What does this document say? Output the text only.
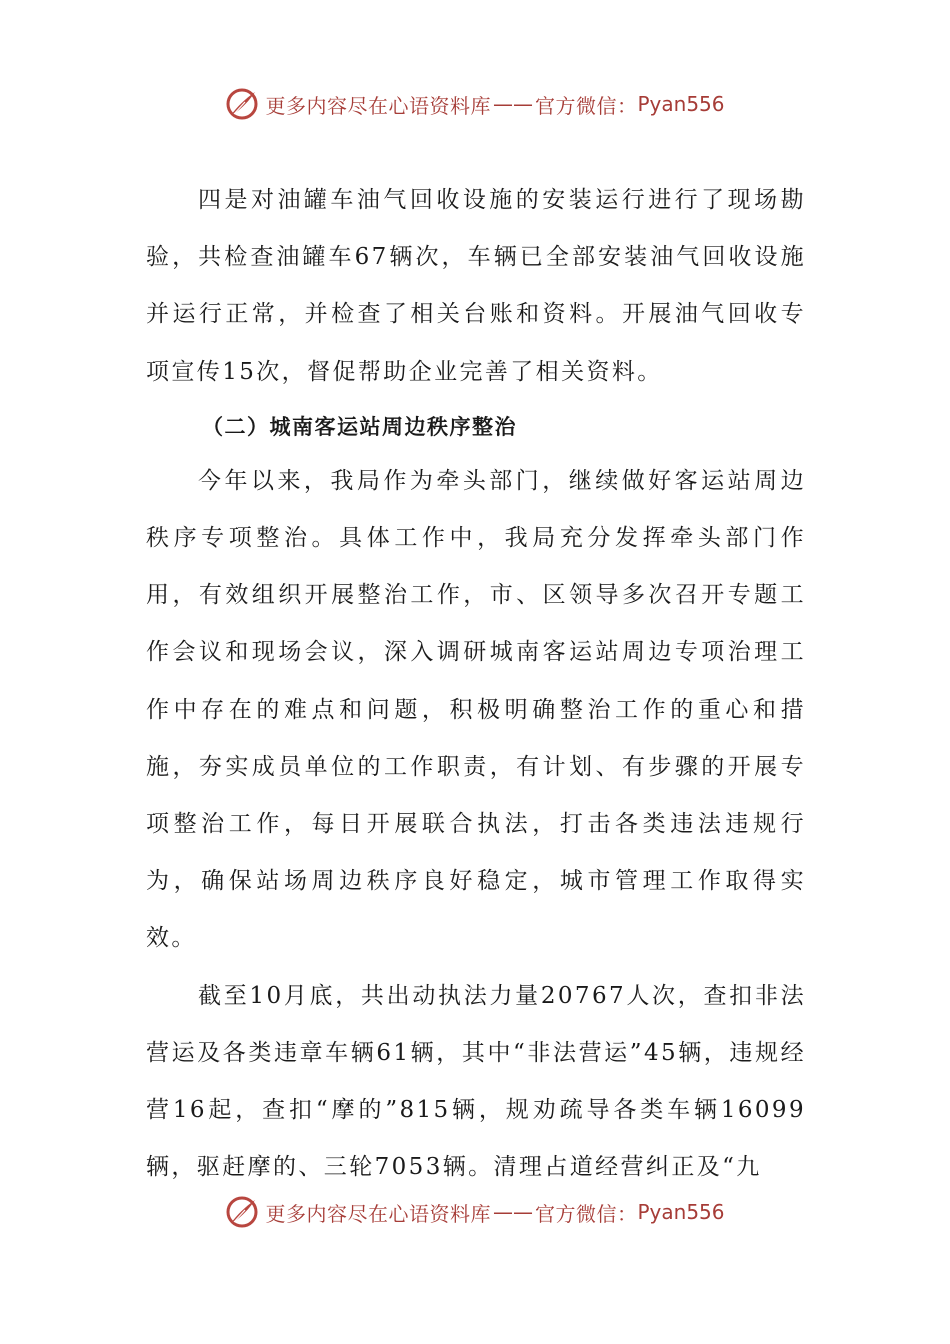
更多内容尽在心语资料库 —— 官方微信： Pyan556

四是对油罐车油气回收设施的安装运行进行了现场勘验，共检查油罐车67辆次，车辆已全部安装油气回收设施并运行正常，并检查了相关台账和资料。开展油气回收专项宣传15次，督促帮助企业完善了相关资料。

（二）城南客运站周边秩序整治

今年以来，我局作为牵头部门，继续做好客运站周边秩序专项整治。具体工作中，我局充分发挥牵头部门作用，有效组织开展整治工作，市、区领导多次召开专题工作会议和现场会议，深入调研城南客运站周边专项治理工作中存在的难点和问题，积极明确整治工作的重心和措施，夯实成员单位的工作职责，有计划、有步骤的开展专项整治工作，每日开展联合执法，打击各类违法违规行为，确保站场周边秩序良好稳定，城市管理工作取得实效。

截至10月底，共出动执法力量20767人次，查扣非法营运及各类违章车辆61辆，其中“非法营运”45辆，违规经营16起，查扣“摩的”815辆，规劝疏导各类车辆16099辆，驱赶摩的、三轮7053辆。清理占道经营纠正及“九

更多内容尽在心语资料库 —— 官方微信： Pyan556
